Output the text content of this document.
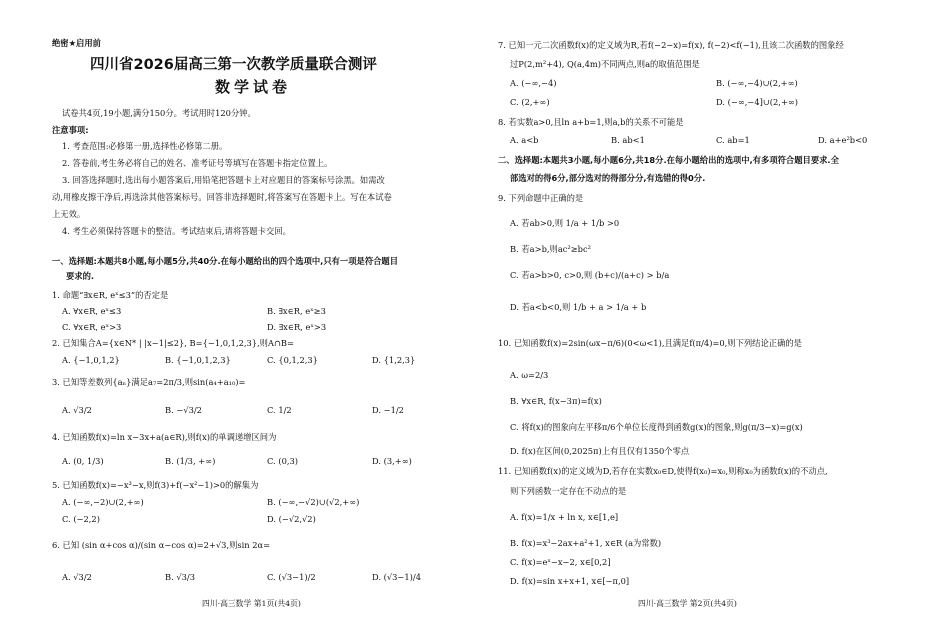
绝密★启用前
四川省2026届高三第一次教学质量联合测评
数学试卷
试卷共4页,19小题,满分150分。考试用时120分钟。
注意事项:
1. 考查范围:必修第一册,选择性必修第二册。
2. 答卷前,考生务必将自己的姓名、准考证号等填写在答题卡指定位置上。
3. 回答选择题时,选出每小题答案后,用铅笔把答题卡上对应题目的答案标号涂黑。如需改
动,用橡皮擦干净后,再选涂其他答案标号。回答非选择题时,将答案写在答题卡上。写在本试卷
上无效。
4. 考生必须保持答题卡的整洁。考试结束后,请将答题卡交回。
一、选择题:本题共8小题,每小题5分,共40分.在每小题给出的四个选项中,只有一项是符合题目
要求的.
1. 命题“∃x∈R, eˣ≤3”的否定是
A. ∀x∈R, eˣ≤3	B. ∃x∈R, eˣ≥3
C. ∀x∈R, eˣ>3	D. ∃x∈R, eˣ>3
2. 已知集合A={x∈N* | |x−1|≤2}, B={−1,0,1,2,3},则A∩B=
A. {−1,0,1,2}	B. {−1,0,1,2,3}	C. {0,1,2,3}	D. {1,2,3}
3. 已知等差数列{aₙ}满足a₇=2π/3,则sin(a₄+a₁₀)=
A. √3/2	B. −√3/2	C. 1/2	D. −1/2
4. 已知函数f(x)=ln x−3x+a(a∈R),则f(x)的单调递增区间为
A. (0, 1/3)	B. (1/3, +∞)	C. (0,3)	D. (3,+∞)
5. 已知函数f(x)=−x³−x,则f(3)+f(−x²−1)>0的解集为
A. (−∞,−2)∪(2,+∞)	B. (−∞,−√2)∪(√2,+∞)
C. (−2,2)	D. (−√2,√2)
6. 已知 (sin α+cos α)/(sin α−cos α)=2+√3,则sin 2α=
A. √3/2	B. √3/3	C. (√3−1)/2	D. (√3−1)/4
四川·高三数学 第1页(共4页)
7. 已知一元二次函数f(x)的定义域为R,若f(−2−x)=f(x), f(−2)<f(−1),且该二次函数的图象经
过P(2,m²+4), Q(a,4m)不同两点,则a的取值范围是
A. (−∞,−4)	B. (−∞,−4)∪(2,+∞)
C. (2,+∞)	D. (−∞,−4]∪(2,+∞)
8. 若实数a>0,且ln a+b=1,则a,b的关系不可能是
A. a<b	B. ab<1	C. ab=1	D. a+e²b<0
二、选择题:本题共3小题,每小题6分,共18分.在每小题给出的选项中,有多项符合题目要求.全
部选对的得6分,部分选对的得部分分,有选错的得0分.
9. 下列命题中正确的是
A. 若ab>0,则 1/a + 1/b >0
B. 若a>b,则ac²≥bc²
C. 若a>b>0, c>0,则 (b+c)/(a+c) > b/a
D. 若a<b<0,则 1/b + a > 1/a + b
10. 已知函数f(x)=2sin(ωx−π/6)(0<ω<1),且满足f(π/4)=0,则下列结论正确的是
A. ω=2/3
B. ∀x∈R, f(x−3π)=f(x)
C. 将f(x)的图象向左平移π/6个单位长度得到函数g(x)的图象,则g(π/3−x)=g(x)
D. f(x)在区间(0,2025π)上有且仅有1350个零点
11. 已知函数f(x)的定义域为D,若存在实数x₀∈D,使得f(x₀)=x₀,则称x₀为函数f(x)的不动点,
则下列函数一定存在不动点的是
A. f(x)=1/x + ln x, x∈[1,e]
B. f(x)=x³−2ax+a²+1, x∈R (a为常数)
C. f(x)=eˣ−x−2, x∈[0,2]
D. f(x)=sin x+x+1, x∈[−π,0]
四川·高三数学 第2页(共4页)
